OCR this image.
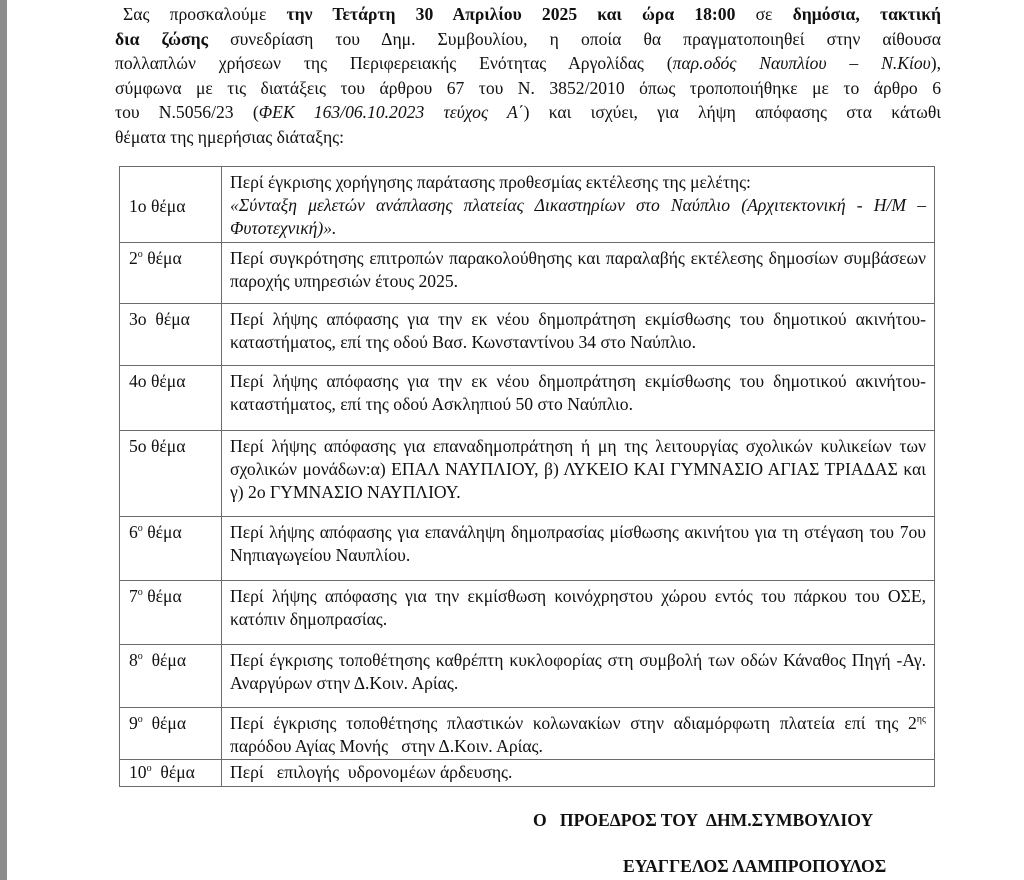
Σας προσκαλούμε την Τετάρτη 30 Απριλίου 2025 και ώρα 18:00 σε δημόσια, τακτική
δια ζώσης συνεδρίαση του Δημ. Συμβουλίου, η οποία θα πραγματοποιηθεί στην αίθουσα
πολλαπλών χρήσεων της Περιφερειακής Ενότητας Αργολίδας (παρ.οδός Ναυπλίου – Ν.Κίου),
σύμφωνα με τις διατάξεις του άρθρου 67 του Ν. 3852/2010 όπως τροποποιήθηκε με το άρθρο 6
του Ν.5056/23 (ΦΕΚ 163/06.10.2023 τεύχος Α΄) και ισχύει, για λήψη απόφασης στα κάτωθι
θέματα της ημερήσιας διάταξης:
1ο θέμα	Περί έγκρισης χορήγησης παράτασης προθεσμίας εκτέλεσης της μελέτης:
«Σύνταξη μελετών ανάπλασης πλατείας Δικαστηρίων στο Ναύπλιο (Αρχιτεκτονική - Η/Μ – Φυτοτεχνική)».
$2^o$ θέμα	Περί συγκρότησης επιτροπών παρακολούθησης και παραλαβής εκτέλεσης δημοσίων συμβάσεων παροχής υπηρεσιών έτους 2025.
3ο  θέμα	Περί λήψης απόφασης για την εκ νέου δημοπράτηση εκμίσθωσης του δημοτικού ακινήτου- καταστήματος, επί της οδού Βασ. Κωνσταντίνου 34 στο Ναύπλιο.
4ο θέμα	Περί λήψης απόφασης για την εκ νέου δημοπράτηση εκμίσθωσης του δημοτικού ακινήτου- καταστήματος, επί της οδού Ασκληπιού 50 στο Ναύπλιο.
5ο θέμα	Περί λήψης απόφασης για επαναδημοπράτηση ή μη της λειτουργίας σχολικών κυλικείων των σχολικών μονάδων:α) ΕΠΑΛ ΝΑΥΠΛΙΟΥ, β) ΛΥΚΕΙΟ ΚΑΙ ΓΥΜΝΑΣΙΟ ΑΓΙΑΣ ΤΡΙΑΔΑΣ και γ) 2ο ΓΥΜΝΑΣΙΟ ΝΑΥΠΛΙΟΥ.
$6^o$ θέμα	Περί λήψης απόφασης για επανάληψη δημοπρασίας μίσθωσης ακινήτου για τη στέγαση του 7ου Νηπιαγωγείου Ναυπλίου.
$7^o$ θέμα	Περί λήψης απόφασης για την εκμίσθωση κοινόχρηστου χώρου εντός του πάρκου του ΟΣΕ, κατόπιν δημοπρασίας.
$8^o$  θέμα	Περί έγκρισης τοποθέτησης καθρέπτη κυκλοφορίας στη συμβολή των οδών Κάναθος Πηγή -Αγ. Αναργύρων στην Δ.Κοιν. Αρίας.
$9^o$  θέμα	Περί έγκρισης τοποθέτησης πλαστικών κολωνακίων στην αδιαμόρφωτη πλατεία επί της $2^{\eta\varsigma}$ παρόδου Αγίας Μονής   στην Δ.Κοιν. Αρίας.
$10^o$  θέμα	Περί   επιλογής  υδρονομέων άρδευσης.
Ο   ΠΡΟΕΔΡΟΣ ΤΟΥ  ΔΗΜ.ΣΥΜΒΟΥΛΙΟΥ
ΕΥΑΓΓΕΛΟΣ ΛΑΜΠΡΟΠΟΥΛΟΣ
